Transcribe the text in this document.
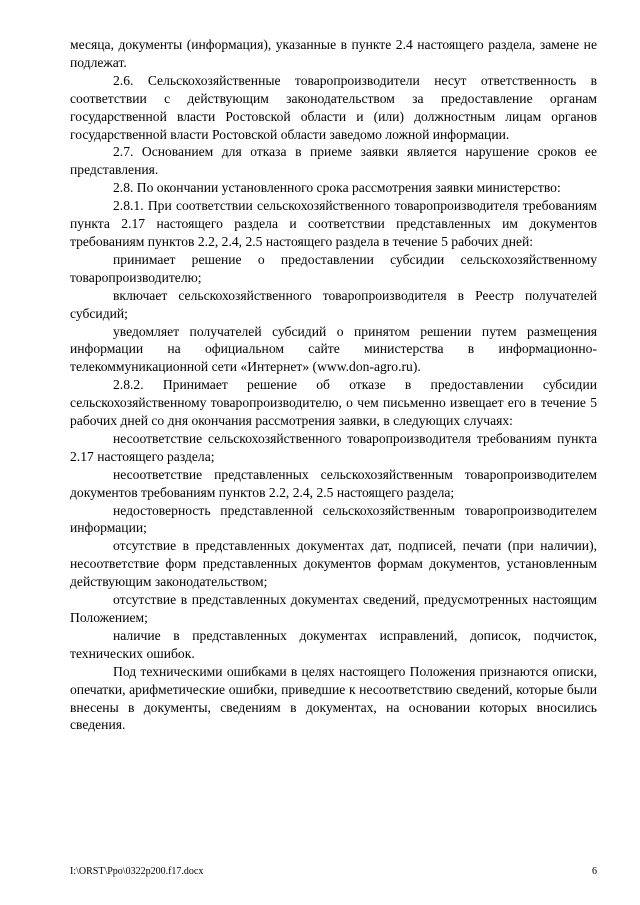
месяца, документы (информация), указанные в пункте 2.4 настоящего раздела, замене не подлежат.

2.6. Сельскохозяйственные товаропроизводители несут ответственность в соответствии с действующим законодательством за предоставление органам государственной власти Ростовской области и (или) должностным лицам органов государственной власти Ростовской области заведомо ложной информации.

2.7. Основанием для отказа в приеме заявки является нарушение сроков ее представления.

2.8. По окончании установленного срока рассмотрения заявки министерство:

2.8.1. При соответствии сельскохозяйственного товаропроизводителя требованиям пункта 2.17 настоящего раздела и соответствии представленных им документов требованиям пунктов 2.2, 2.4, 2.5 настоящего раздела в течение 5 рабочих дней:

принимает решение о предоставлении субсидии сельскохозяйственному товаропроизводителю;

включает сельскохозяйственного товаропроизводителя в Реестр получателей субсидий;

уведомляет получателей субсидий о принятом решении путем размещения информации на официальном сайте министерства в информационно-телекоммуникационной сети «Интернет» (www.don-agro.ru).

2.8.2. Принимает решение об отказе в предоставлении субсидии сельскохозяйственному товаропроизводителю, о чем письменно извещает его в течение 5 рабочих дней со дня окончания рассмотрения заявки, в следующих случаях:

несоответствие сельскохозяйственного товаропроизводителя требованиям пункта 2.17 настоящего раздела;

несоответствие представленных сельскохозяйственным товаропроизводителем документов требованиям пунктов 2.2, 2.4, 2.5 настоящего раздела;

недостоверность представленной сельскохозяйственным товаропроизводителем информации;

отсутствие в представленных документах дат, подписей, печати (при наличии), несоответствие форм представленных документов формам документов, установленным действующим законодательством;

отсутствие в представленных документах сведений, предусмотренных настоящим Положением;

наличие в представленных документах исправлений, дописок, подчисток, технических ошибок.

Под техническими ошибками в целях настоящего Положения признаются описки, опечатки, арифметические ошибки, приведшие к несоответствию сведений, которые были внесены в документы, сведениям в документах, на основании которых вносились сведения.

I:\ORST\Ppo\0322p200.f17.docx	6
